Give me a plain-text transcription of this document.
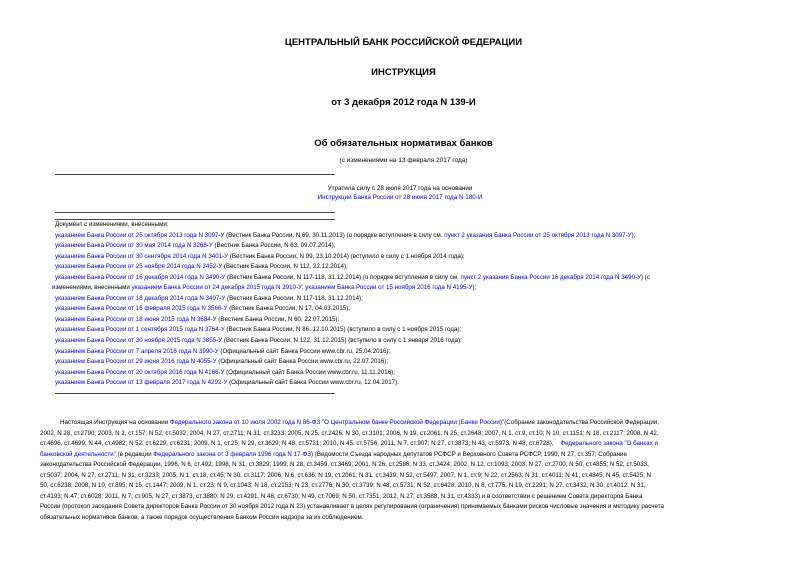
ЦЕНТРАЛЬНЫЙ БАНК РОССИЙСКОЙ ФЕДЕРАЦИИ
ИНСТРУКЦИЯ
от 3 декабря 2012 года N 139-И
Об обязательных нормативах банков
(с изменениями на 13 февраля 2017 года)
Утратила силу с 28 июля 2017 года на основании
Инструкции Банка России от 28 июня 2017 года N 180-И
Документ с изменениями, внесенными:
указанием Банка России от 25 октября 2013 года N 3097-У (Вестник Банка России, N 69, 30.11.2013) (о порядке вступления в силу см. пункт 2 указания Банка России от 25 октября 2013 года N 3097-У);
указанием Банка России от 30 мая 2014 года N 3268-У (Вестник Банка России, N 63, 09.07.2014);
указанием Банка России от 30 сентября 2014 года N 3401-У (Вестник Банка России, N 99, 23.10.2014) (вступило в силу с 1 ноября 2014 года);
указанием Банка России от 25 ноября 2014 года N 3452-У (Вестник Банка России, N 112, 22.12.2014);
указанием Банка России от 16 декабря 2014 года N 3490-У (Вестник Банка России, N 117-118, 31.12.2014) (о порядке вступления в силу см. пункт 2 указания Банка России 16 декабря 2014 года N 3490-У) (с
изменениями, внесенными указанием Банка России от 24 декабря 2015 года N 3910-У; указанием Банка России от 15 ноября 2016 года N 4195-У);
указанием Банка России от 18 декабря 2014 года N 3497-У (Вестник Банка России, N 117-118, 31.12.2014);
указанием Банка России от 16 февраля 2015 года N 3566-У (Вестник Банка России, N 17, 04.03.2015);
указанием Банка России от 18 июня 2015 года N 3684-У (Вестник Банка России, N 60, 22.07.2015);
указанием Банка России от 1 сентября 2015 года N 3764-У (Вестник Банка России, N 86, 12.10.2015) (вступило в силу с 1 ноября 2015 года);
указанием Банка России от 30 ноября 2015 года N 3855-У (Вестник Банка России, N 122, 31.12.2015) (вступило в силу с 1 января 2016 года);
указанием Банка России от 7 апреля 2016 года N 3990-У (Официальный сайт Банка России www.cbr.ru, 25.04.2016);
указанием Банка России от 29 июня 2016 года N 4055-У (Официальный сайт Банка России www.cbr.ru, 22.07.2016);
указанием Банка России от 20 октября 2016 года N 4166-У (Официальный сайт Банка России www.cbr.ru, 11.11.2016);
указанием Банка России от 13 февраля 2017 года N 4292-У (Официальный сайт Банка России www.cbr.ru, 12.04.2017).
Настоящая Инструкция на основании Федерального закона от 10 июля 2002 года N 86-ФЗ "О Центральном банке Российской Федерации (Банке России)"(Собрание законодательства Российской Федерации,
2002, N 28, ст.2790; 2003, N 2, ст.157; N 52, ст.5032; 2004, N 27, ст.2711; N 31, ст.3233; 2005, N 25, ст.2426; N 30, ст.3101; 2006, N 19, ст.2061; N 25, ст.2648; 2007, N 1, ст.9, ст.10; N 10, ст.1151; N 18, ст.2117; 2008, N 42,
ст.4696, ст.4699; N 44, ст.4982; N 52, ст.6229, ст.6231; 2009, N 1, ст.25; N 29, ст.3629; N 48, ст.5731; 2010, N 45, ст.5756; 2011, N 7, ст.907; N 27, ст.3873; N 43, ст.5973, N 48, ст.6728), Федерального закона "О банках и
банковской деятельности" (в редакции Федерального закона от 3 февраля 1996 года N 17-ФЗ) (Ведомости Съезда народных депутатов РСФСР и Верховного Совета РСФСР, 1990, N 27, ст.357; Собрание
законодательства Российской Федерации, 1996, N 6, ст.492; 1998, N 31, ст.3829; 1999, N 28, ст.3459, ст.3469; 2001, N 26, ст.2586; N 33, ст.3424; 2002, N 12, ст.1093; 2003, N 27, ст.2700; N 50, ст.4855; N 52, ст.5033,
ст.5037; 2004, N 27, ст.2711; N 31, ст.3233; 2005, N 1, ст.18, ст.45; N 30, ст.3117; 2006, N 6, ст.636; N 19, ст.2061; N 31, ст.3439; N 52, ст.5497; 2007, N 1, ст.9; N 22, ст.2563; N 31, ст.4011; N 41, ст.4845; N 45, ст.5425; N
50, ст.6238; 2008, N 10, ст.895; N 15, ст.1447; 2009, N 1, ст.23; N 9, ст.1043; N 18, ст.2153; N 23, ст.2776; N 30, ст.3739; N 48, ст.5731; N 52, ст.6428; 2010, N 8, ст.775; N 19, ст.2291; N 27, ст.3432; N 30, ст.4012; N 31,
ст.4193; N 47, ст.6028; 2011, N 7, ст.905, N 27, ст.3873, ст.3880; N 29, ст.4291, N 48, ст.6730; N 49, ст.7069; N 50, ст.7351; 2012, N 27, ст.3588, N 31, ст.4333) и в соответствии с решением Совета директоров Банка
России (протокол заседания Совета директоров Банка России от 30 ноября 2012 года N 23) устанавливает в целях регулирования (ограничения) принимаемых банками рисков числовые значения и методику расчета
обязательных нормативов банков, а также порядок осуществления Банком России надзора за их соблюдением.
